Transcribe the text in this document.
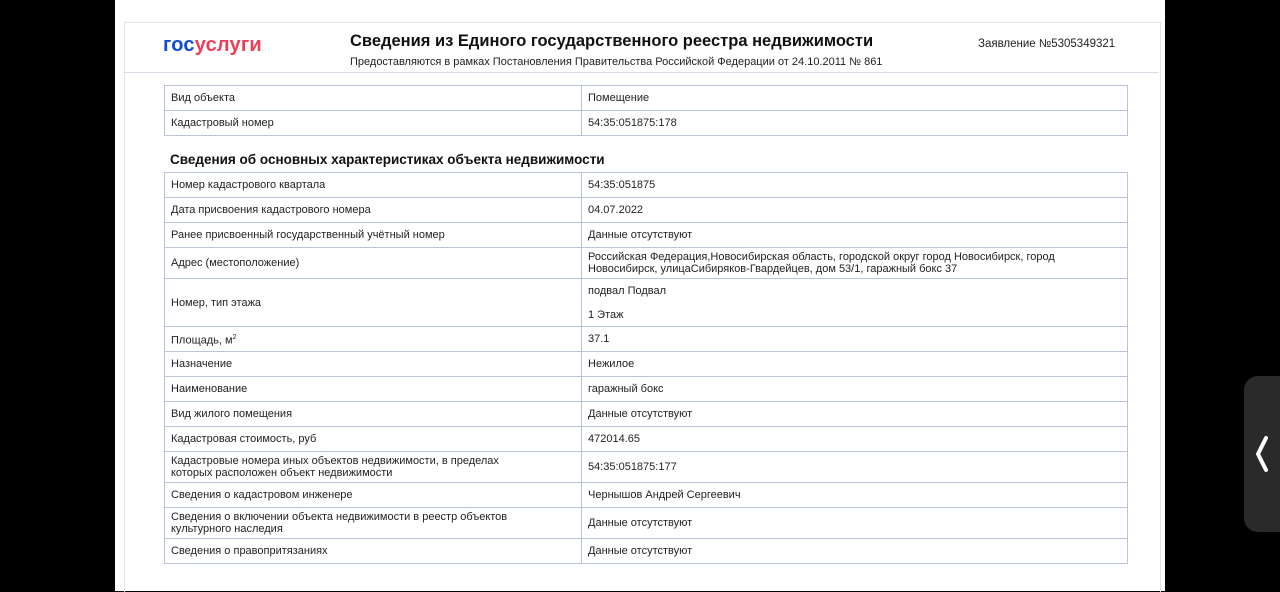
госуслуги	Сведения из Единого государственного реестра недвижимости
Предоставляются в рамках Постановления Правительства Российской Федерации от 24.10.2011 № 861
Заявление №5305349321
Вид объекта	Помещение
Кадастровый номер	54:35:051875:178
Сведения об основных характеристиках объекта недвижимости
Номер кадастрового квартала	54:35:051875
Дата присвоения кадастрового номера	04.07.2022
Ранее присвоенный государственный учётный номер	Данные отсутствуют
Адрес (местоположение)	Российская Федерация,Новосибирская область, городской округ город Новосибирск, город
Новосибирск, улицаСибиряков-Гвардейцев, дом 53/1, гаражный бокс 37

Номер, тип этажа	подвал Подвал
1 Этаж

Площадь, $м^2$	37.1
Назначение	Нежилое
Наименование	гаражный бокс
Вид жилого помещения	Данные отсутствуют
Кадастровая стоимость, руб	472014.65

Кадастровые номера иных объектов недвижимости, в пределах
которых расположен объект недвижимости	54:35:051875:177
Сведения о кадастровом инженере	Чернышов Андрей Сергеевич

Сведения о включении объекта недвижимости в реестр объектов
культурного наследия	Данные отсутствуют
Сведения о правопритязаниях	Данные отсутствуют
